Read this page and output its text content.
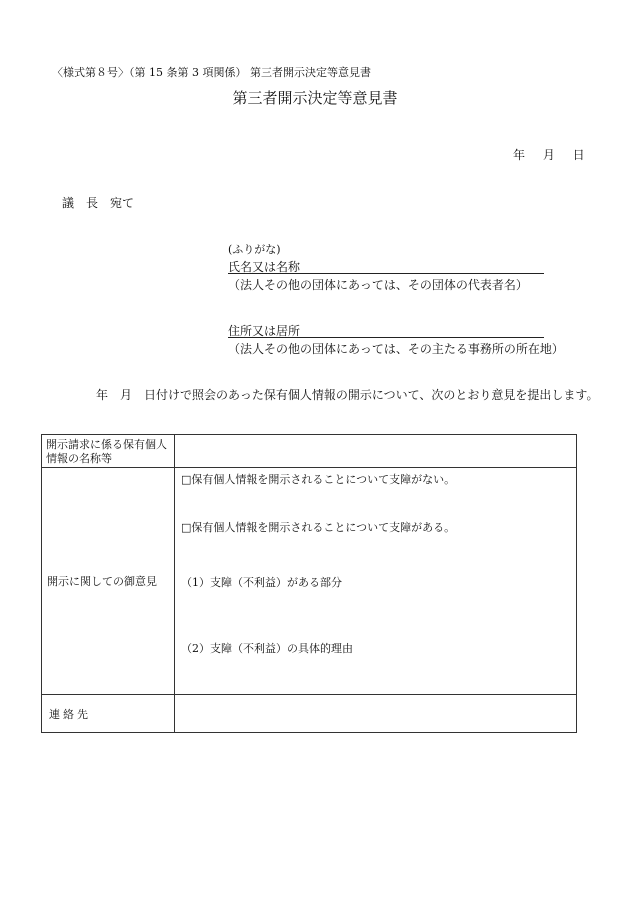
〈様式第８号〉（第 15 条第 3 項関係） 第三者開示決定等意見書
第三者開示決定等意見書
年 月 日
議　長　宛て
(ふりがな)
氏名又は名称
（法人その他の団体にあっては、その団体の代表者名）
住所又は居所
（法人その他の団体にあっては、その主たる事務所の所在地）
年　月　日付けで照会のあった保有個人情報の開示について、次のとおり意見を提出します。
開示請求に係る保有個人情報の名称等	
開示に関しての御意見	□保有個人情報を開示されることについて支障がない。
□保有個人情報を開示されることについて支障がある。
（1）支障（不利益）がある部分
（2）支障（不利益）の具体的理由

連絡先	
